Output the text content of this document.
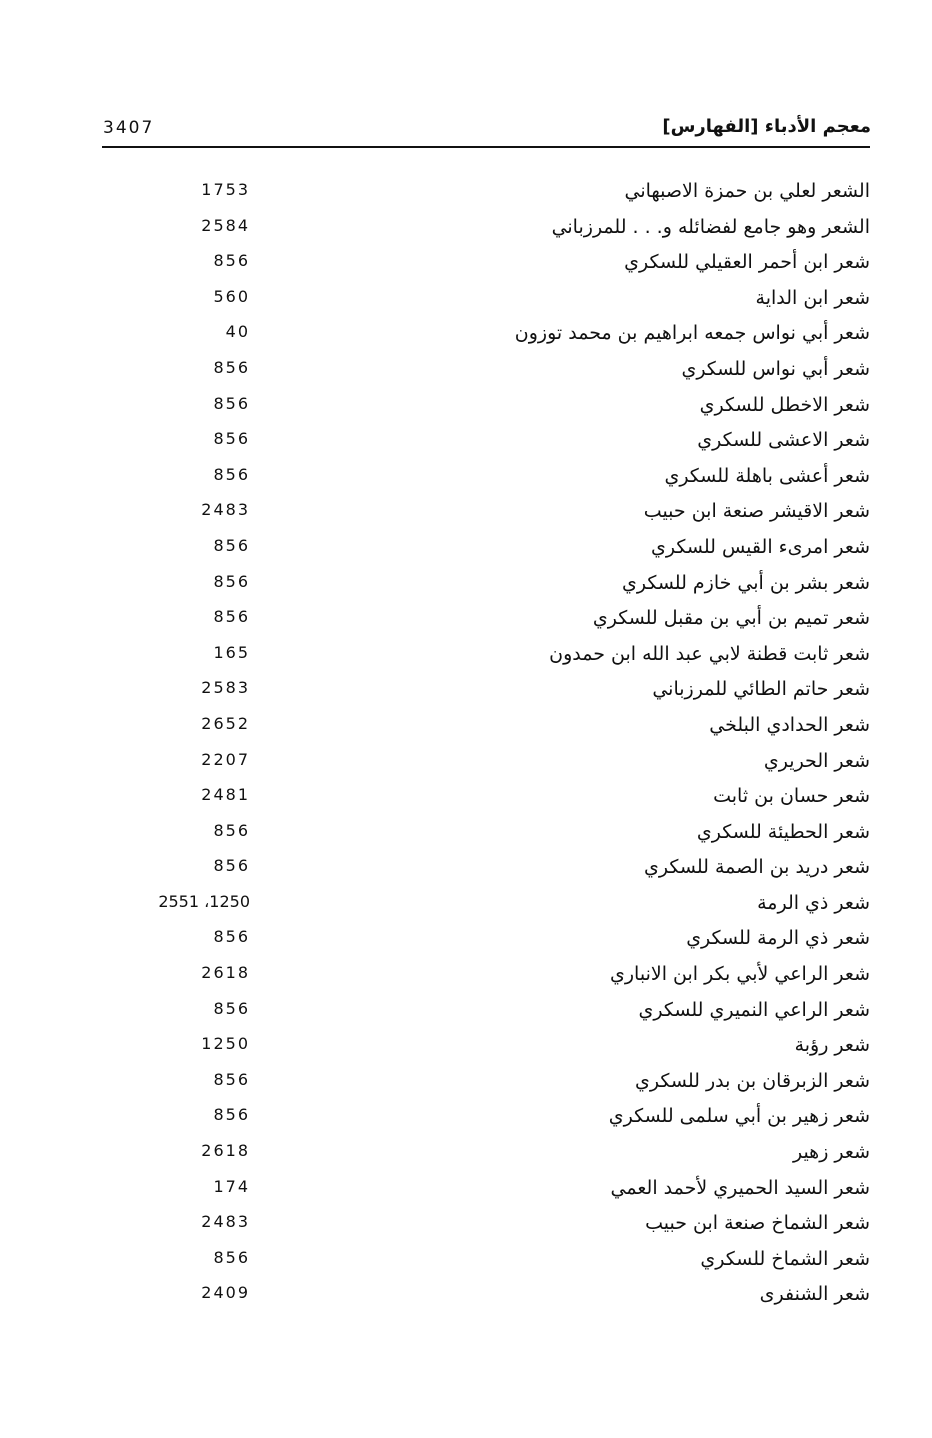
3407	معجم الأدباء [الفهارس]

الشعر لعلي بن حمزة الاصبهاني
1753
الشعر وهو جامع لفضائله و. . . للمرزباني
2584
شعر ابن أحمر العقيلي للسكري
856
شعر ابن الداية
560
شعر أبي نواس جمعه ابراهيم بن محمد توزون
40
شعر أبي نواس للسكري
856
شعر الاخطل للسكري
856
شعر الاعشى للسكري
856
شعر أعشى باهلة للسكري
856
شعر الاقيشر صنعة ابن حبيب
2483
شعر امرىء القيس للسكري
856
شعر بشر بن أبي خازم للسكري
856
شعر تميم بن أبي بن مقبل للسكري
856
شعر ثابت قطنة لابي عبد الله ابن حمدون
165
شعر حاتم الطائي للمرزباني
2583
شعر الحدادي البلخي
2652
شعر الحريري
2207
شعر حسان بن ثابت
2481
شعر الحطيئة للسكري
856
شعر دريد بن الصمة للسكري
856
شعر ذي الرمة
1250، 2551
شعر ذي الرمة للسكري
856
شعر الراعي لأبي بكر ابن الانباري
2618
شعر الراعي النميري للسكري
856
شعر رؤبة
1250
شعر الزبرقان بن بدر للسكري
856
شعر زهير بن أبي سلمى للسكري
856
شعر زهير
2618
شعر السيد الحميري لأحمد العمي
174
شعر الشماخ صنعة ابن حبيب
2483
شعر الشماخ للسكري
856
شعر الشنفرى
2409
